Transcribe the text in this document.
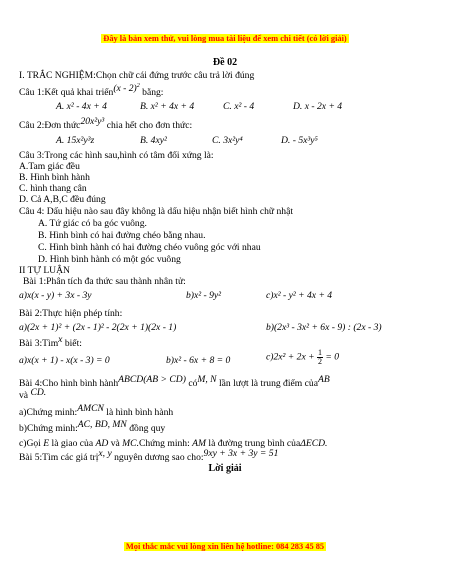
Đây là bản xem thử, vui lòng mua tài liệu để xem chi tiết (có lời giải)
Đề 02
I. TRẮC NGHIỆM:Chọn chữ cái đứng trước câu trả lời đúng
Câu 1:Kết quả khai triển(x - 2)$^2$ bằng:
A. x² - 4x + 4	B. x² + 4x + 4	C. x² - 4	D. x - 2x + 4
Câu 2:Đơn thức20x²y³ chia hết cho đơn thức:
A. 15x²y³z	B. 4xy²	C. 3x²y⁴	D. - 5x³y⁵
Câu 3:Trong các hình sau,hình có tâm đối xứng là:
A.Tam giác đều
B. Hình bình hành
C. hình thang cân
D. Cả A,B,C đều đúng
Câu 4: Dấu hiệu nào sau đây không là dấu hiệu nhận biết hình chữ nhật
A. Tứ giác có ba góc vuông.
B. Hình bình có hai đường chéo bằng nhau.
C. Hình bình hành có hai đường chéo vuông góc với nhau
D. Hình bình hành có một góc vuông
II TỰ LUẬN
Bài 1:Phân tích đa thức sau thành nhân tử:
a)x(x - y) + 3x - 3y	b)x² - 9y²	c)x² - y² + 4x + 4
Bài 2:Thực hiện phép tính:
a)(2x + 1)² + (2x - 1)² - 2(2x + 1)(2x - 1)	b)(2x³ - 3x² + 6x - 9) : (2x - 3)
Bài 3:Tìmx biết:
a)x(x + 1) - x(x - 3) = 0	b)x² - 6x + 8 = 0	$c)2x^2 + 2x + \frac{1}{2} = 0$
Bài 4:Cho hình bình hànhABCD(AB > CD) cóM, N lần lượt là trung điểm củaAB
và CD.
a)Chứng minh:AMCN là hình bình hành
b)Chứng minh:AC, BD, MN đồng quy
c)Gọi E là giao của AD và MC.Chứng minh: AM là đường trung bình củaΔECD.
Bài 5:Tìm các giá trịx, y nguyên dương sao cho:9xy + 3x + 3y = 51
Lời giải
Mọi thắc mắc vui lòng xin liên hệ hotline: 084 283 45 85
